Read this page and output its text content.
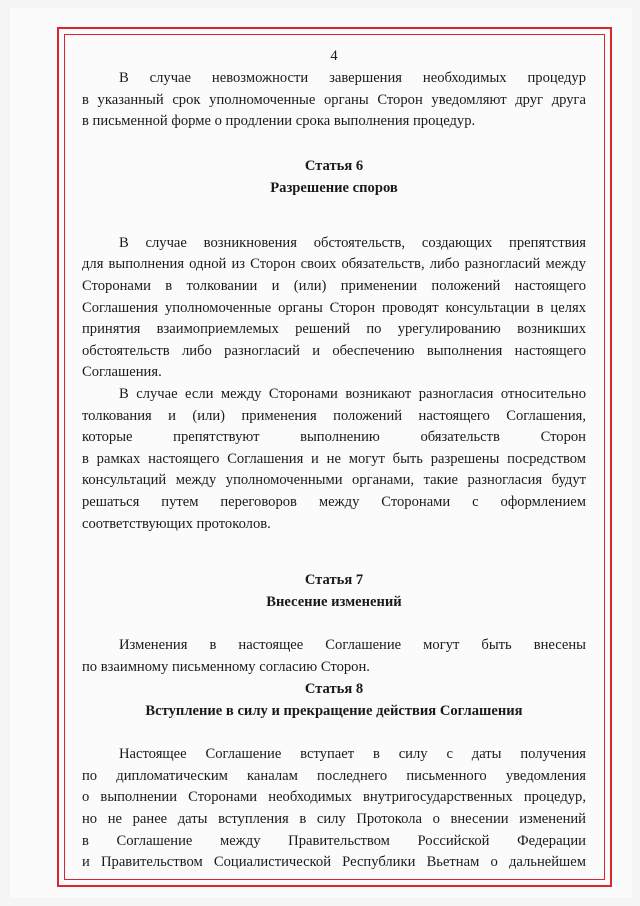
4

В случае невозможности завершения необходимых процедур
в указанный срок уполномоченные органы Сторон уведомляют друг друга
в письменной форме о продлении срока выполнения процедур.

Статья 6

Разрешение споров

В случае возникновения обстоятельств, создающих препятствия
для выполнения одной из Сторон своих обязательств, либо разногласий между
Сторонами в толковании и (или) применении положений настоящего
Соглашения уполномоченные органы Сторон проводят консультации в целях
принятия взаимоприемлемых решений по урегулированию возникших
обстоятельств либо разногласий и обеспечению выполнения настоящего
Соглашения.

В случае если между Сторонами возникают разногласия относительно
толкования и (или) применения положений настоящего Соглашения,
которые препятствуют выполнению обязательств Сторон
в рамках настоящего Соглашения и не могут быть разрешены посредством
консультаций между уполномоченными органами, такие разногласия будут
решаться путем переговоров между Сторонами с оформлением
соответствующих протоколов.

Статья 7

Внесение изменений

Изменения в настоящее Соглашение могут быть внесены
по взаимному письменному согласию Сторон.

Статья 8

Вступление в силу и прекращение действия Соглашения

Настоящее Соглашение вступает в силу с даты получения
по дипломатическим каналам последнего письменного уведомления
о выполнении Сторонами необходимых внутригосударственных процедур,
но не ранее даты вступления в силу Протокола о внесении изменений
в Соглашение между Правительством Российской Федерации
и Правительством Социалистической Республики Вьетнам о дальнейшем
